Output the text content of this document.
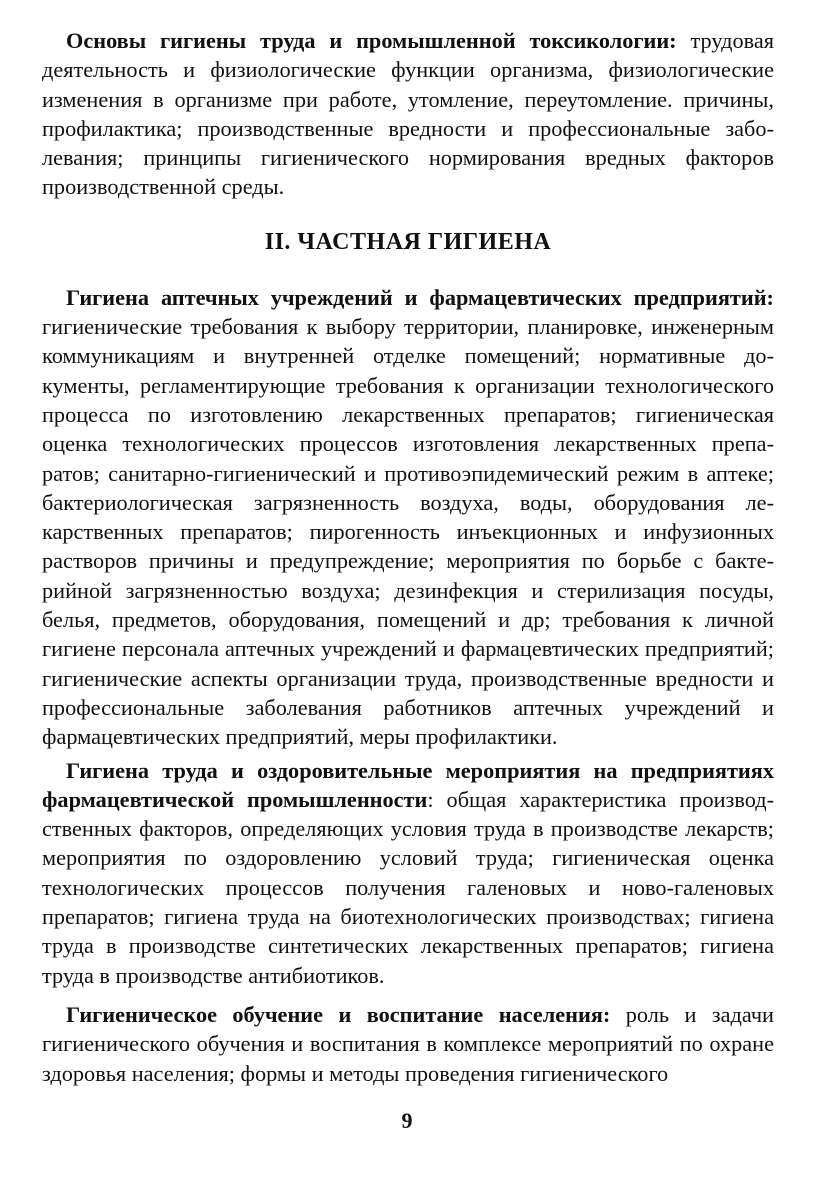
Основы гигиены труда и промышленной токсикологии: трудовая деятельность и физиологические функции организма, физиологические изменения в организме при работе, утомление, переутомление. причины, профилактика; производственные вредности и профессиональные заболевания; принципы гигиенического нормирования вредных факторов производственной среды.

II. ЧАСТНАЯ ГИГИЕНА

Гигиена аптечных учреждений и фармацевтических предприятий: гигиенические требования к выбору территории, планировке, инженерным коммуникациям и внутренней отделке помещений; нормативные документы, регламентирующие требования к организации технологического процесса по изготовлению лекарственных препаратов; гигиеническая оценка технологических процессов изготовления лекарственных препаратов; санитарно-гигиенический и противоэпидемический режим в аптеке; бактериологическая загрязненность воздуха, воды, оборудования лекарственных препаратов; пирогенность инъекционных и инфузионных растворов причины и предупреждение; мероприятия по борьбе с бактерийной загрязненностью воздуха; дезинфекция и стерилизация посуды, белья, предметов, оборудования, помещений и др; требования к личной гигиене персонала аптечных учреждений и фармацевтических предприятий; гигиенические аспекты организации труда, производственные вредности и профессиональные заболевания работников аптечных учреждений и фармацевтических предприятий, меры профилактики.

Гигиена труда и оздоровительные мероприятия на предприятиях фармацевтической промышленности: общая характеристика производственных факторов, определяющих условия труда в производстве лекарств; мероприятия по оздоровлению условий труда; гигиеническая оценка технологических процессов получения галеновых и ново-галеновых препаратов; гигиена труда на биотехнологических производствах; гигиена труда в производстве синтетических лекарственных препаратов; гигиена труда в производстве антибиотиков.

Гигиеническое обучение и воспитание населения: роль и задачи гигиенического обучения и воспитания в комплексе мероприятий по охране здоровья населения; формы и методы проведения гигиенического

9
